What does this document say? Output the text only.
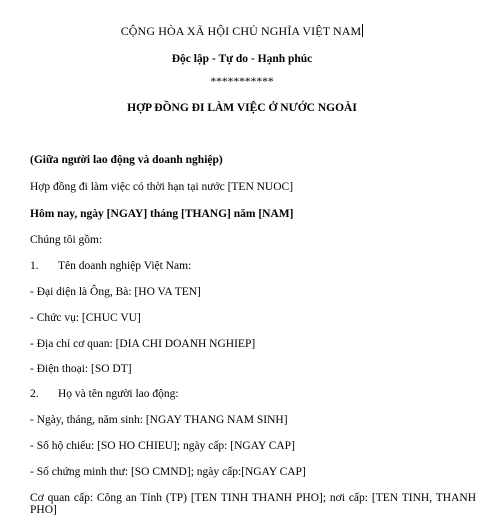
CỘNG HÒA XÃ HỘI CHỦ NGHĨA VIỆT NAM
Độc lập - Tự do - Hạnh phúc
***********
HỢP ĐỒNG ĐI LÀM VIỆC Ở NƯỚC NGOÀI
(Giữa người lao động và doanh nghiệp)
Hợp đồng đi làm việc có thời hạn tại nước [TEN NUOC]
Hôm nay, ngày [NGAY] tháng [THANG] năm [NAM]
Chúng tôi gồm:
1. Tên doanh nghiệp Việt Nam:
- Đại diện là Ông, Bà: [HO VA TEN]
- Chức vụ: [CHUC VU]
- Địa chỉ cơ quan: [DIA CHI DOANH NGHIEP]
- Điện thoại: [SO DT]
2. Họ và tên người lao động:
- Ngày, tháng, năm sinh: [NGAY THANG NAM SINH]
- Số hộ chiếu: [SO HO CHIEU]; ngày cấp: [NGAY CAP]
- Số chứng minh thư: [SO CMND]; ngày cấp:[NGAY CAP]
Cơ quan cấp: Công an Tỉnh (TP) [TEN TINH THANH PHO]; nơi cấp: [TEN TINH, THANH PHO]
